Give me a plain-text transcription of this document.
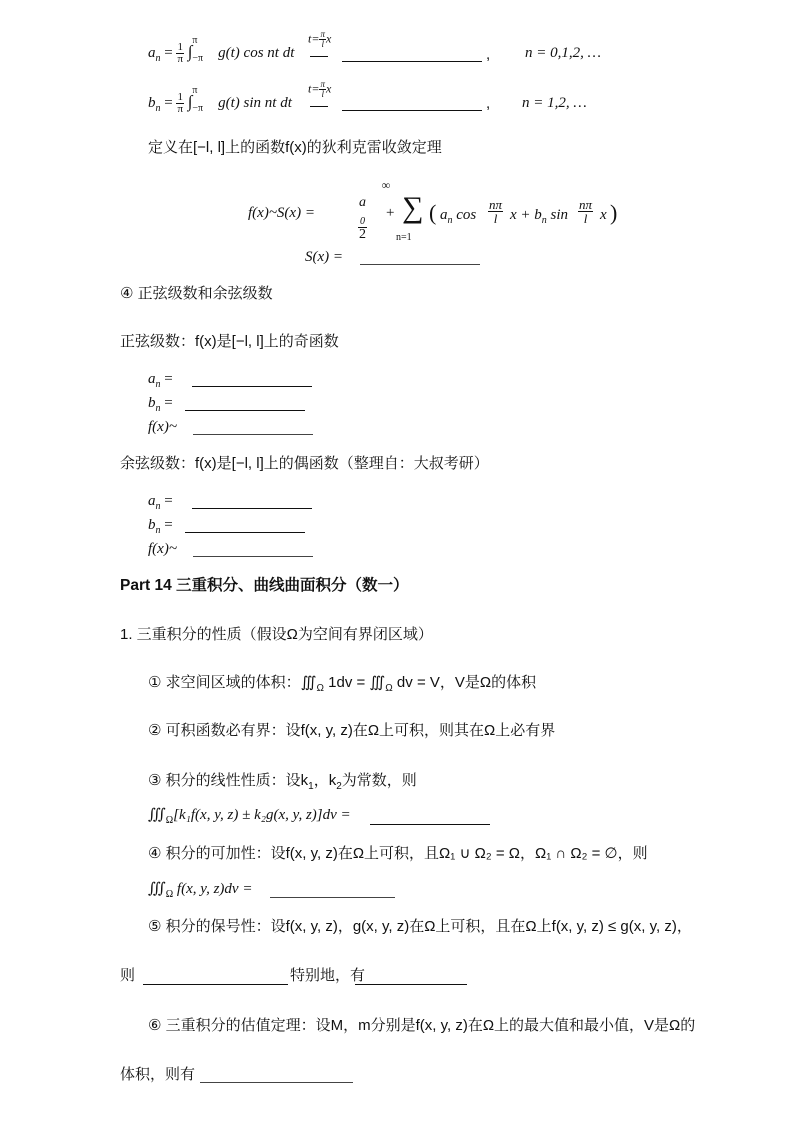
$a_n = \frac{1}{\pi}$ ∫
π
−π g(t) cos nt dt
$t= \frac{\pi}{l}$ x
, n = 0,1,2, …
$b_n = \frac{1}{\pi}$ ∫
π
−π g(t) sin nt dt
$t= \frac{\pi}{l}$ x
, n = 1,2, …
定义在[−l, l]上的函数f(x)的狄利克雷收敛定理
f(x)~S(x) =	a
$_0$
2 +
∞
∑
n=1
( $a_n$ $\cos \frac{n\pi}{l}$ $x + b_n$ $\sin \frac{n\pi}{l}$ x )
S(x) =
④ 正弦级数和余弦级数
正弦级数：f(x)是[−l, l]上的奇函数
$a_n$ =
$b_n$ =
f(x)~
余弦级数：f(x)是[−l, l]上的偶函数（整理自：大叔考研）
$a_n$ =
$b_n$ =
f(x)~
Part 14 三重积分、曲线曲面积分（数一）
1. 三重积分的性质（假设Ω为空间有界闭区域）
① 求空间区域的体积：$∭_\Omega$ $1dv = ∭_\Omega$ dv = V，V是Ω的体积
② 可积函数必有界：设f(x, y, z)在Ω上可积，则其在Ω上必有界
③ 积分的线性性质：设$k_1$，$k_2$为常数，则
$∭_\Omega[k_1f(x$, y, z) ± k₂g(x, y, z)]dv =
④ 积分的可加性：设f(x, y, z)在Ω上可积，且Ω₁ ∪ Ω₂ = Ω，Ω₁ ∩ Ω₂ = ∅，则
$∭_\Omega$ f(x, y, z)dv =
⑤ 积分的保号性：设f(x, y, z)，g(x, y, z)在Ω上可积，且在Ω上f(x, y, z) ≤ g(x, y, z)，
则	特别地，有
⑥ 三重积分的估值定理：设M，m分别是f(x, y, z)在Ω上的最大值和最小值，V是Ω的
体积，则有
